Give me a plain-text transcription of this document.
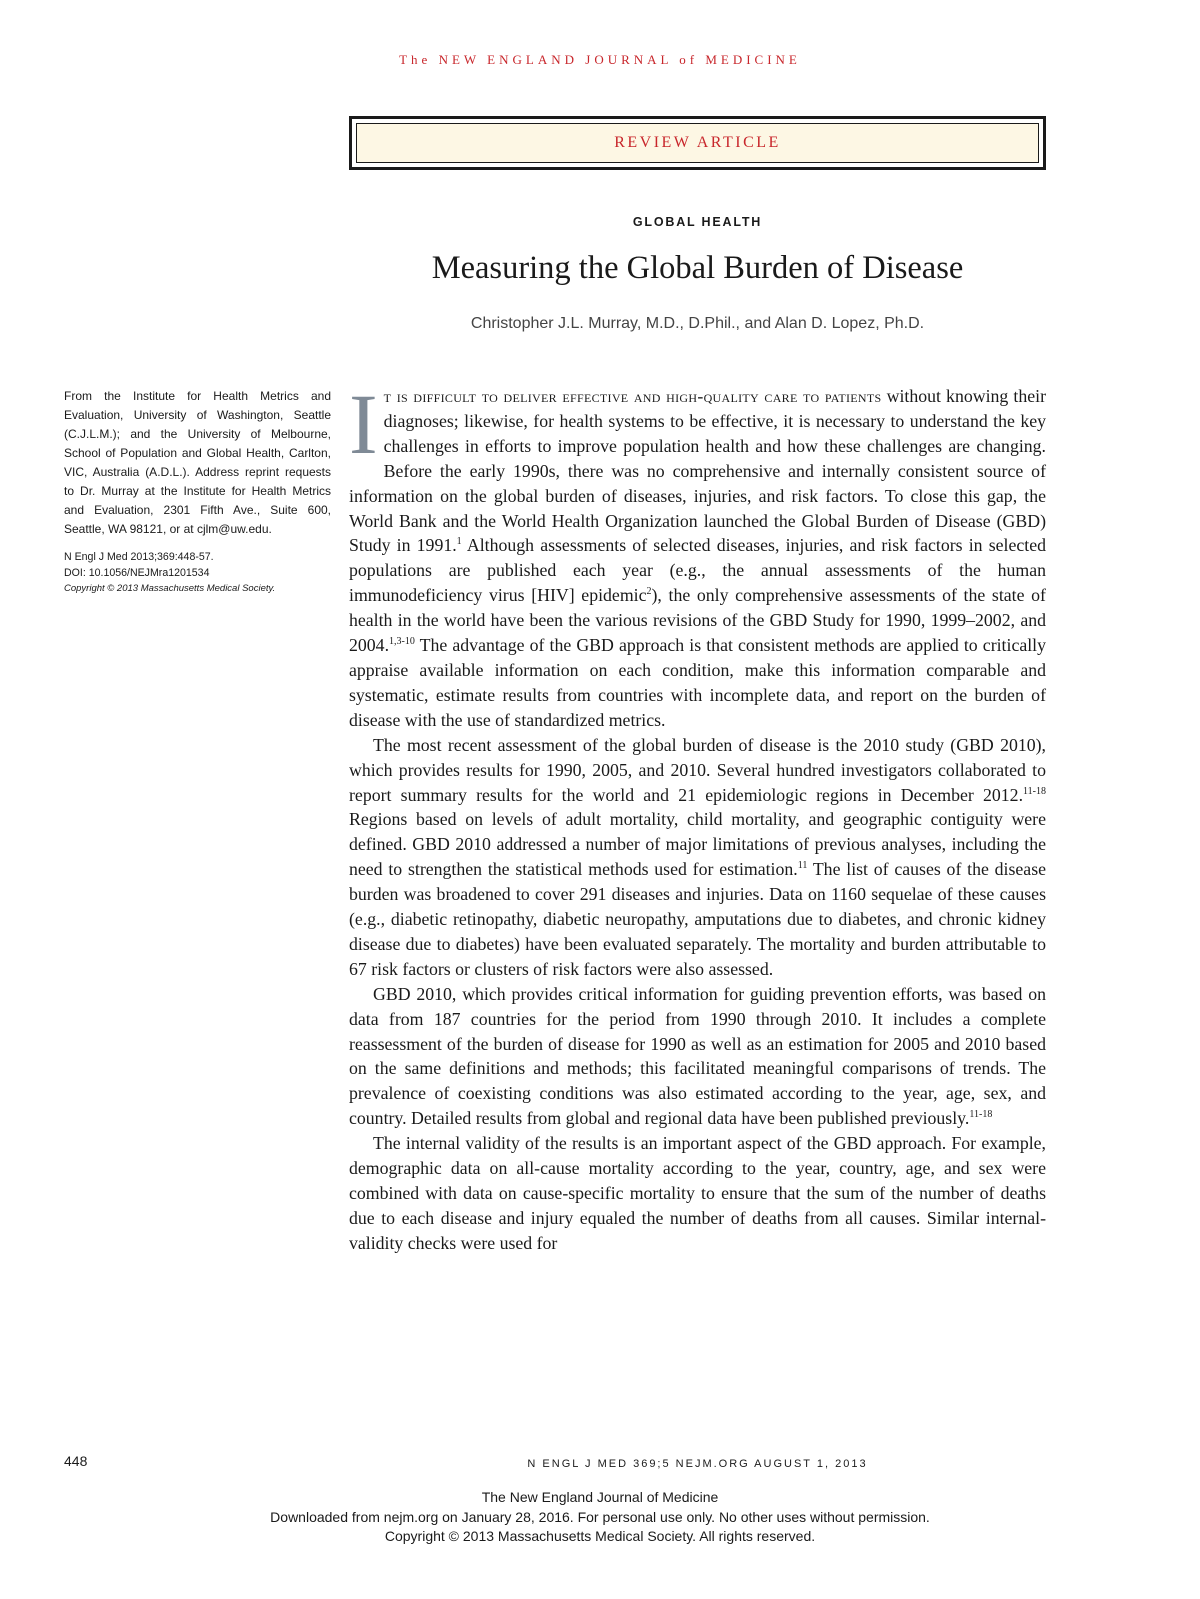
The NEW ENGLAND JOURNAL of MEDICINE
REVIEW ARTICLE
GLOBAL HEALTH
Measuring the Global Burden of Disease
Christopher J.L. Murray, M.D., D.Phil., and Alan D. Lopez, Ph.D.
From the Institute for Health Metrics and Evaluation, University of Washington, Seattle (C.J.L.M.); and the University of Melbourne, School of Population and Global Health, Carlton, VIC, Australia (A.D.L.). Address reprint requests to Dr. Murray at the Institute for Health Metrics and Evaluation, 2301 Fifth Ave., Suite 600, Seattle, WA 98121, or at cjlm@uw.edu.
N Engl J Med 2013;369:448-57.
DOI: 10.1056/NEJMra1201534
Copyright © 2013 Massachusetts Medical Society.

It is difficult to deliver effective and high-quality care to patients without knowing their diagnoses; likewise, for health systems to be effective, it is necessary to understand the key challenges in efforts to improve population health and how these challenges are changing. Before the early 1990s, there was no comprehensive and internally consistent source of information on the global burden of diseases, injuries, and risk factors. To close this gap, the World Bank and the World Health Organization launched the Global Burden of Disease (GBD) Study in 1991.$^1$ Although assessments of selected diseases, injuries, and risk factors in selected populations are published each year (e.g., the annual assessments of the human immunodeficiency virus [HIV] epidemic$^2$), the only comprehensive assessments of the state of health in the world have been the various revisions of the GBD Study for 1990, 1999–2002, and 2004.$^{1,3-10}$ The advantage of the GBD approach is that consistent methods are applied to critically appraise available information on each condition, make this information comparable and systematic, estimate results from countries with incomplete data, and report on the burden of disease with the use of standardized metrics.

The most recent assessment of the global burden of disease is the 2010 study (GBD 2010), which provides results for 1990, 2005, and 2010. Several hundred investigators collaborated to report summary results for the world and 21 epidemiologic regions in December 2012.$^{11-18}$ Regions based on levels of adult mortality, child mortality, and geographic contiguity were defined. GBD 2010 addressed a number of major limitations of previous analyses, including the need to strengthen the statistical methods used for estimation.$^{11}$ The list of causes of the disease burden was broadened to cover 291 diseases and injuries. Data on 1160 sequelae of these causes (e.g., diabetic retinopathy, diabetic neuropathy, amputations due to diabetes, and chronic kidney disease due to diabetes) have been evaluated separately. The mortality and burden attributable to 67 risk factors or clusters of risk factors were also assessed.

GBD 2010, which provides critical information for guiding prevention efforts, was based on data from 187 countries for the period from 1990 through 2010. It includes a complete reassessment of the burden of disease for 1990 as well as an estimation for 2005 and 2010 based on the same definitions and methods; this facilitated meaningful comparisons of trends. The prevalence of coexisting conditions was also estimated according to the year, age, sex, and country. Detailed results from global and regional data have been published previously.$^{11-18}$

The internal validity of the results is an important aspect of the GBD approach. For example, demographic data on all-cause mortality according to the year, country, age, and sex were combined with data on cause-specific mortality to ensure that the sum of the number of deaths due to each disease and injury equaled the number of deaths from all causes. Similar internal-validity checks were used for

448	N ENGL J MED 369;5 NEJM.ORG AUGUST 1, 2013
The New England Journal of Medicine
Downloaded from nejm.org on January 28, 2016. For personal use only. No other uses without permission.
Copyright © 2013 Massachusetts Medical Society. All rights reserved.
